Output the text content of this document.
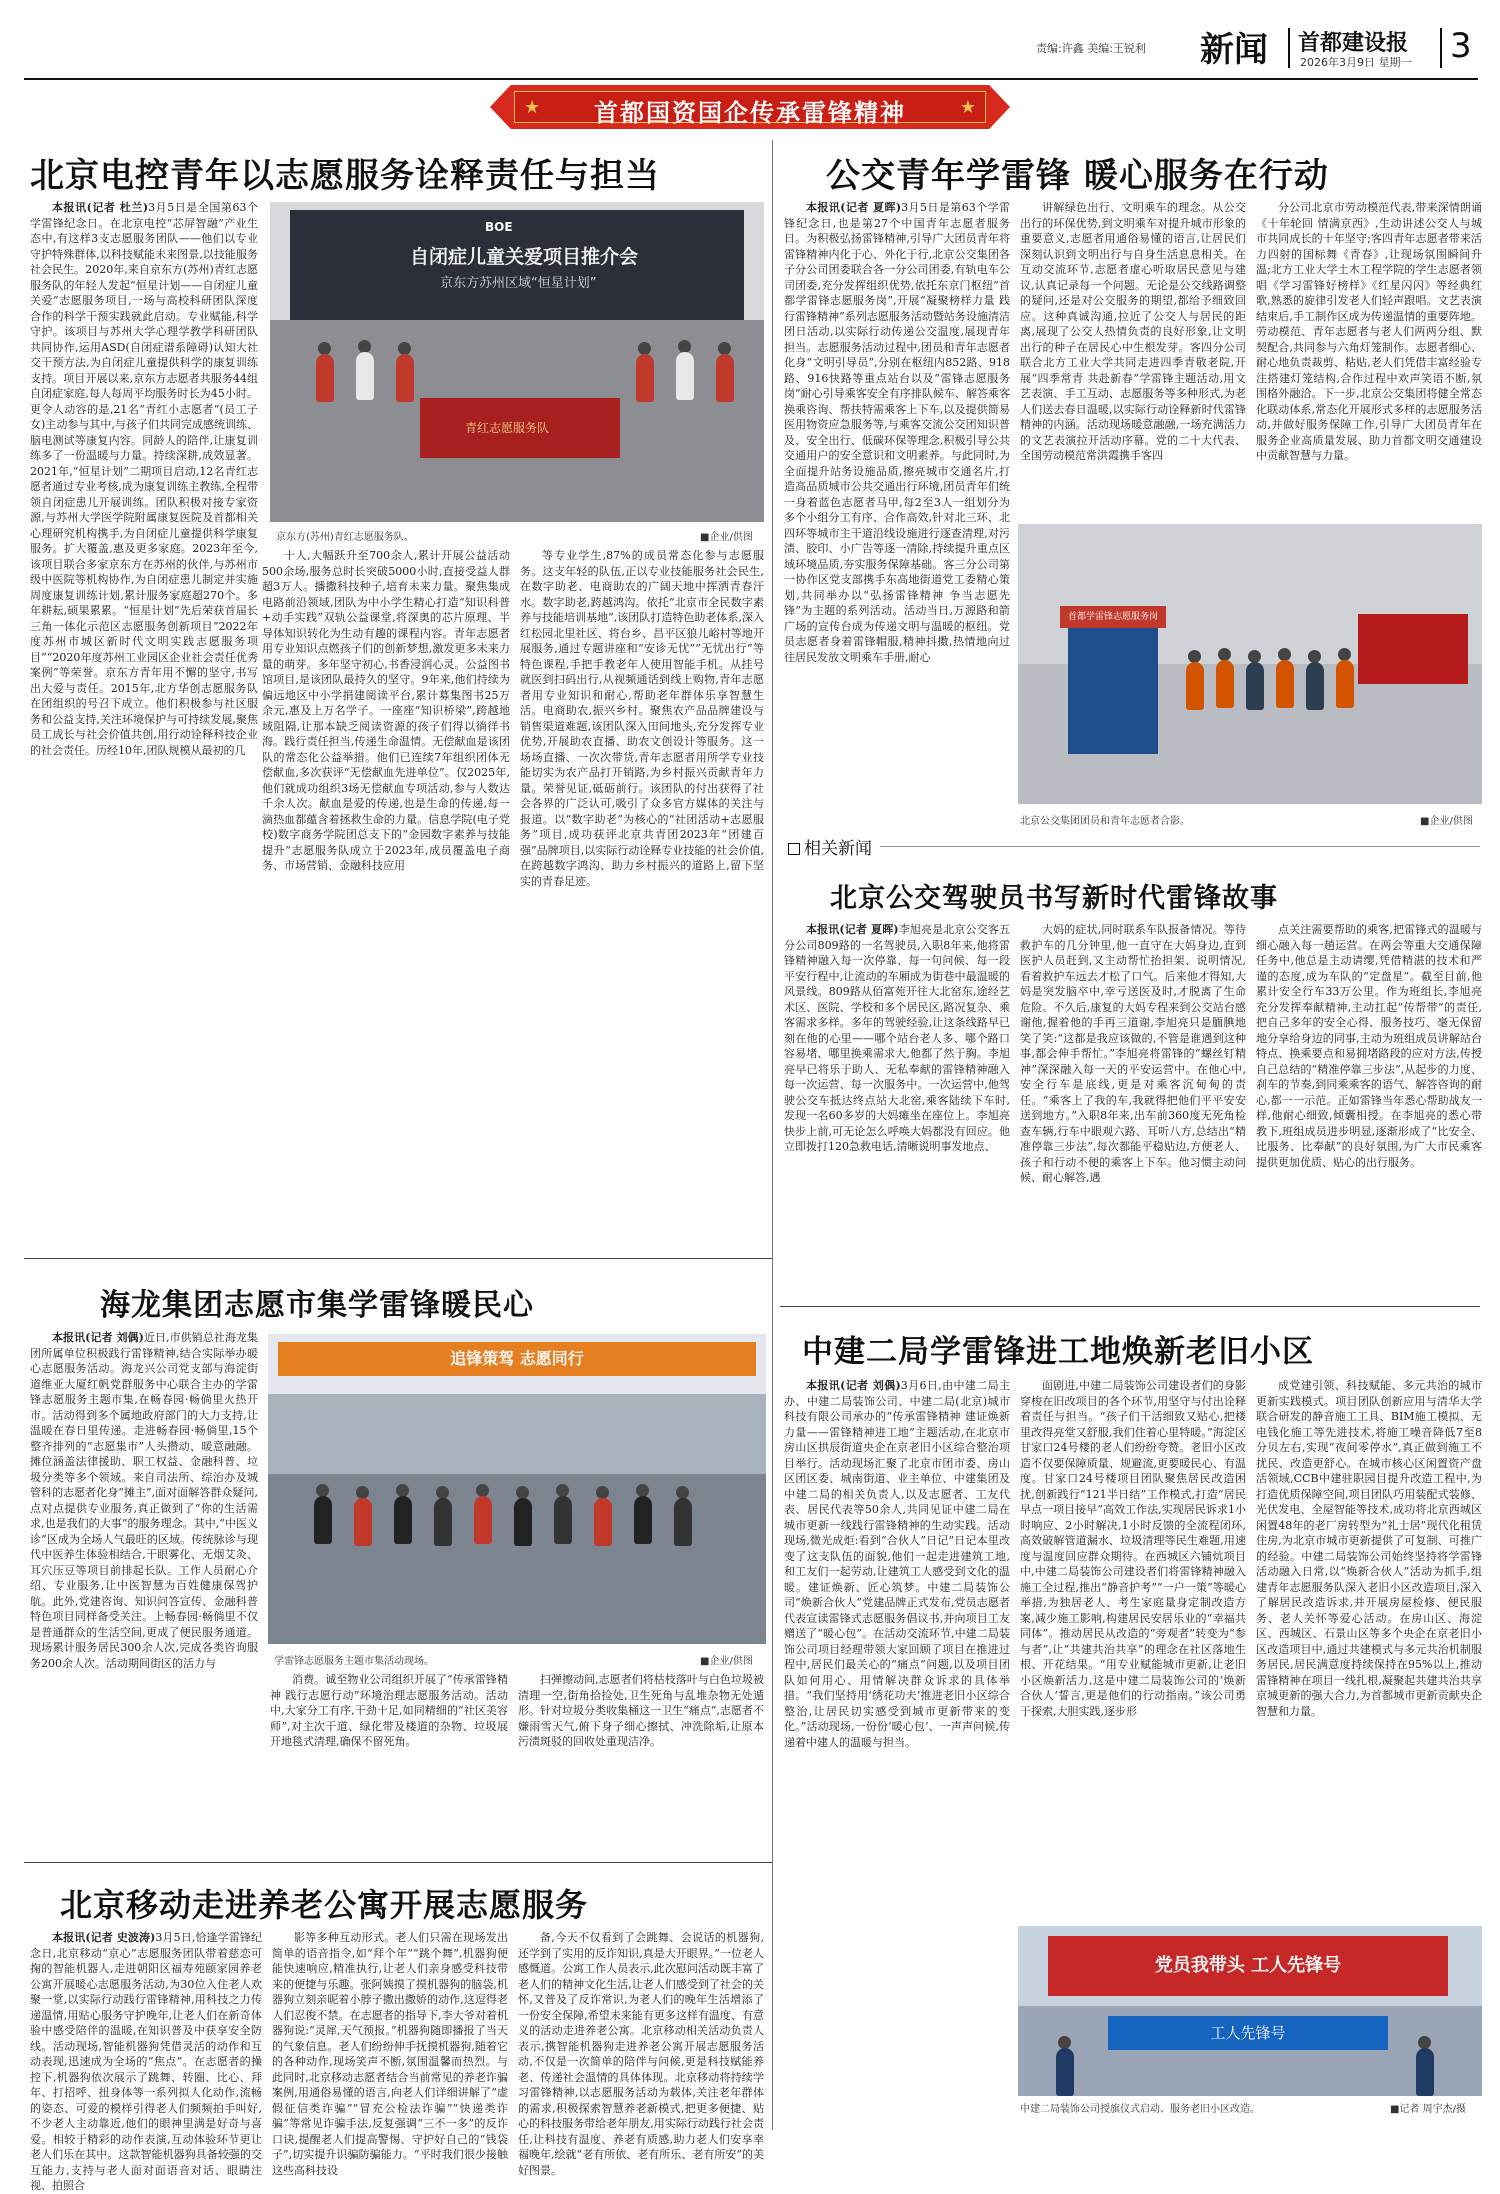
责编:许鑫 美编:王锐利 新闻 首都建设报
2026年3月9日 星期一 3
★	★
首都国资国企传承雷锋精神
北京电控青年以志愿服务诠释责任与担当

本报讯(记者 杜兰)3月5日是全国第63个学雷锋纪念日。在北京电控“芯屏智融”产业生态中,有这样3支志愿服务团队——他们以专业守护特殊群体,以科技赋能未来图景,以技能服务社会民生。2020年,来自京东方(苏州)青红志愿服务队的年轻人发起“恒星计划——自闭症儿童关爱”志愿服务项目,一场与高校科研团队深度合作的科学干预实践就此启动。专业赋能,科学守护。该项目与苏州大学心理学教学科研团队共同协作,运用ASD(自闭症谱系障碍)认知大社交干预方法,为自闭症儿童提供科学的康复训练支持。项目开展以来,京东方志愿者共服务44组自闭症家庭,每人每周平均服务时长为45小时。更令人动容的是,21名“青红小志愿者”(员工子女)主动参与其中,与孩子们共同完成感统训练、脑电测试等康复内容。同龄人的陪伴,让康复训练多了一份温暖与力量。持续深耕,成效显著。2021年,“恒星计划”二期项目启动,12名青红志愿者通过专业考核,成为康复训练主教练,全程带领自闭症患儿开展训练。团队积极对接专家资源,与苏州大学医学院附属康复医院及首都相关心理研究机构携手,为自闭症儿童提供科学康复服务。扩大覆盖,惠及更多家庭。2023年至今,该项目联合多家京东方在苏州的伙伴,与苏州市级中医院等机构协作,为自闭症患儿制定并实施周度康复训练计划,累计服务家庭超270个。多年耕耘,硕果累累。“恒星计划”先后荣获首届长三角一体化示范区志愿服务创新项目“2022年度苏州市城区新时代文明实践志愿服务项目”“2020年度苏州工业园区企业社会责任优秀案例”等荣誉。京东方青年用不懈的坚守,书写出大爱与责任。2015年,北方华创志愿服务队在团组织的号召下成立。他们积极参与社区服务和公益支持,关注环境保护与可持续发展,聚焦员工成长与社会价值共创,用行动诠释科技企业的社会责任。历经10年,团队规模从最初的几

BOE
自闭症儿童关爱项目推介会
京东方苏州区域“恒星计划”
青红志愿服务队
京东方(苏州)青红志愿服务队。	■企业/供图

十人,大幅跃升至700余人,累计开展公益活动500余场,服务总时长突破5000小时,直接受益人群超3万人。播撒科技种子,培育未来力量。聚焦集成电路前沿领域,团队为中小学生精心打造“知识科普+动手实践”双轨公益课堂,将深奥的芯片原理、半导体知识转化为生动有趣的课程内容。青年志愿者用专业知识点燃孩子们的创新梦想,激发更多未来力量的萌芽。多年坚守初心,书香浸润心灵。公益图书馆项目,是该团队最持久的坚守。9年来,他们持续为偏远地区中小学捐建阅读平台,累计募集图书25万余元,惠及上万名学子。一座座“知识桥梁”,跨越地域阻隔,让那本缺乏阅读资源的孩子们得以徜徉书海。践行责任担当,传递生命温情。无偿献血是该团队的常态化公益举措。他们已连续7年组织团体无偿献血,多次获评“无偿献血先进单位”。仅2025年,他们就成功组织3场无偿献血专项活动,参与人数达千余人次。献血是爱的传递,也是生命的传递,每一滴热血都蕴含着拯救生命的力量。信息学院(电子党校)数字商务学院团总支下的“金园数字素养与技能提升”志愿服务队成立于2023年,成员覆盖电子商务、市场营销、金融科技应用

等专业学生,87%的成员常态化参与志愿服务。这支年轻的队伍,正以专业技能服务社会民生,在数字助老、电商助农的广阔天地中挥洒青春汗水。数字助老,跨越鸿沟。依托“北京市全民数字素养与技能培训基地”,该团队打造特色助老体系,深入红松园北里社区、将台乡、昌平区狼儿峪村等地开展服务,通过专题讲座和“安诊无忧”“无忧出行”等特色课程,手把手教老年人使用智能手机。从挂号就医到扫码出行,从视频通话到线上购物,青年志愿者用专业知识和耐心,帮助老年群体乐享智慧生活。电商助农,振兴乡村。聚焦农产品品牌建设与销售渠道难题,该团队深入田间地头,充分发挥专业优势,开展助农直播、助农文创设计等服务。这一场场直播、一次次带货,青年志愿者用所学专业技能切实为农产品打开销路,为乡村振兴贡献青年力量。荣誉见证,砥砺前行。该团队的付出获得了社会各界的广泛认可,吸引了众多官方媒体的关注与报道。以“数字助老”为核心的“社团活动+志愿服务”项目,成功获评北京共青团2023年“团建百强”品牌项目,以实际行动诠释专业技能的社会价值,在跨越数字鸿沟、助力乡村振兴的道路上,留下坚实的青春足迹。

公交青年学雷锋 暖心服务在行动

本报讯(记者 夏晖)3月5日是第63个学雷锋纪念日,也是第27个中国青年志愿者服务日。为积极弘扬雷锋精神,引导广大团员青年将雷锋精神内化于心、外化于行,北京公交集团各子分公司团委联合各一分公司团委,有轨电车公司团委,充分发挥组织优势,依托东京门枢纽“首都学雷锋志愿服务岗”,开展“凝聚榜样力量 践行雷锋精神”系列志愿服务活动暨站务设施清洁团日活动,以实际行动传递公交温度,展现青年担当。志愿服务活动过程中,团员和青年志愿者化身“文明引导员”,分别在枢纽内852路、918路、916快路等重点站台以及“雷锋志愿服务岗”耐心引导乘客安全有序排队候车、解答乘客换乘咨询、帮扶特需乘客上下车,以及提供简易医用物资应急服务等,与乘客交流公交团知识普及、安全出行、低碳环保等理念,积极引导公共交通用户的安全意识和文明素养。与此同时,为全面提升站务设施品质,擦亮城市交通名片,打造高品质城市公共交通出行环境,团员青年们统一身着蓝色志愿者马甲,每2至3人一组划分为多个小组分工有序、合作高效,针对北三环、北四环等城市主干道沿线设施进行逐查清理,对污渍、胶印、小广告等逐一清除,持续提升重点区域环境品质,夯实服务保障基础。客三分公司第一协作区党支部携手东高地街道党工委精心策划,共同举办以“弘扬雷锋精神 争当志愿先锋”为主题的系列活动。活动当日,万源路和箭广场的宣传台成为传递文明与温暖的枢纽。党员志愿者身着雷锋帽服,精神抖擞,热情地向过往居民发放文明乘车手册,耐心

讲解绿色出行、文明乘车的理念。从公交出行的环保优势,到文明乘车对提升城市形象的重要意义,志愿者用通俗易懂的语言,让居民们深刻认识到文明出行与自身生活息息相关。在互动交流环节,志愿者虚心听取居民意见与建议,认真记录每一个问题。无论是公交线路调整的疑问,还是对公交服务的期望,都给予细致回应。这种真诚沟通,拉近了公交人与居民的距离,展现了公交人热情负责的良好形象,让文明出行的种子在居民心中生根发芽。客四分公司联合北方工业大学共同走进四季青敬老院,开展“四季常青 共赴新春”学雷锋主题活动,用文艺表演、手工互动、志愿服务等多种形式,为老人们送去春日温暖,以实际行动诠释新时代雷锋精神的内涵。活动现场暖意融融,一场充满活力的文艺表演拉开活动序幕。党的二十大代表、全国劳动模范常洪霞携手客四

分公司北京市劳动模范代表,带来深情朗诵《十年轮回 情满京西》,生动讲述公交人与城市共同成长的十年坚守;客四青年志愿者带来活力四射的国标舞《青春》,让现场氛围瞬间升温;北方工业大学土木工程学院的学生志愿者领唱《学习雷锋好榜样》《红星闪闪》等经典红歌,熟悉的旋律引发老人们轻声跟唱。文艺表演结束后,手工制作区成为传递温情的重要阵地。劳动模范、青年志愿者与老人们两两分组、默契配合,共同参与六角灯笼制作。志愿者细心、耐心地负责裁剪、粘贴,老人们凭借丰富经验专注搭建灯笼结构,合作过程中欢声笑语不断,氛围格外融洽。下一步,北京公交集团将健全常态化联动体系,常态化开展形式多样的志愿服务活动,并做好服务保障工作,引导广大团员青年在服务企业高质量发展、助力首都文明交通建设中贡献智慧与力量。

首都学雷锋志愿服务岗
北京公交集团团员和青年志愿者合影。	■企业/供图
相关新闻
北京公交驾驶员书写新时代雷锋故事

本报讯(记者 夏晖)李旭亮是北京公交客五分公司809路的一名驾驶员,入职8年来,他将雷锋精神融入每一次停靠、每一句问候、每一段平安行程中,让流动的车厢成为街巷中最温暖的风景线。809路从佰富苑开往大北窑东,途经艺术区、医院、学校和多个居民区,路况复杂、乘客需求多样。多年的驾驶经验,让这条线路早已刻在他的心里——哪个站台老人多、哪个路口容易堵、哪里换乘需求大,他都了然于胸。李旭亮早已将乐于助人、无私奉献的雷锋精神融入每一次运营、每一次服务中。一次运营中,他驾驶公交车抵达终点站大北窑,乘客陆续下车时,发现一名60多岁的大妈瘫坐在座位上。李旭亮快步上前,可无论怎么呼唤大妈都没有回应。他立即拨打120急救电话,清晰说明事发地点、

大妈的症状,同时联系车队报备情况。等待救护车的几分钟里,他一直守在大妈身边,直到医护人员赶到,又主动帮忙抬担架、说明情况,看着救护车远去才松了口气。后来他才得知,大妈是突发脑卒中,幸亏送医及时,才脱离了生命危险。不久后,康复的大妈专程来到公交站台感谢他,握着他的手再三道谢,李旭亮只是腼腆地笑了笑:“这都是我应该做的,不管是谁遇到这种事,都会伸手帮忙。”李旭亮将雷锋的“螺丝钉精神”深深融入每一天的平安运营中。在他心中,安全行车是底线,更是对乘客沉甸甸的责任。“乘客上了我的车,我就得把他们平平安安送到地方。”入职8年来,出车前360度无死角检查车辆,行车中眼观六路、耳听八方,总结出“精准停靠三步法”,每次都能平稳贴边,方便老人、孩子和行动不便的乘客上下车。他习惯主动问候、耐心解答,遇

点关注需要帮助的乘客,把雷锋式的温暖与细心融入每一趟运营。在两会等重大交通保障任务中,他总是主动请缨,凭借精湛的技术和严谨的态度,成为车队的“定盘星”。截至目前,他累计安全行车33万公里。作为班组长,李旭亮充分发挥奉献精神,主动扛起“传帮带”的责任,把自己多年的安全心得、服务技巧、毫无保留地分享给身边的同事,主动为班组成员讲解站台特点、换乘要点和易拥堵路段的应对方法,传授自己总结的“精准停靠三步法”,从起步的力度、刹车的节奏,到同乘乘客的语气、解答咨询的耐心,都一一示范。正如雷锋当年悉心帮助战友一样,他耐心细致,倾囊相授。在李旭亮的悉心带教下,班组成员进步明显,逐渐形成了“比安全、比服务、比奉献”的良好氛围,为广大市民乘客提供更加优质、贴心的出行服务。

海龙集团志愿市集学雷锋暖民心

本报讯(记者 刘偶)近日,市供销总社海龙集团所属单位积极践行雷锋精神,结合实际举办暖心志愿服务活动。海龙兴公司党支部与海淀街道维亚大厦红帆党群服务中心联合主办的学雷锋志愿服务主题市集,在畅春园·畅倘里火热开市。活动得到多个属地政府部门的大力支持,让温暖在春日里传递。走进畅春园·畅倘里,15个整齐排列的“志愿集市”人头攒动、暖意融融。摊位涵盖法律援助、职工权益、金融科普、垃圾分类等多个领域。来自司法所、综治办及城管科的志愿者化身“摊主”,面对面解答群众疑问,点对点提供专业服务,真正做到了“你的生活需求,也是我们的大事”的服务理念。其中,“中医义诊”区成为全场人气最旺的区域。传统脉诊与现代中医养生体验相结合,干眼雾化、无烟艾灸、耳穴压豆等项目前排起长队。工作人员耐心介绍、专业服务,让中医智慧为百姓健康保驾护航。此外,党建咨询、知识问答宣传、金融科普特色项目同样备受关注。上畅春园·畅倘里不仅是普通群众的生活空间,更成了便民服务通道。现场累计服务居民300余人次,完成各类咨询服务200余人次。活动期间街区的活力与

追锋策驾 志愿同行
学雷锋志愿服务主题市集活动现场。	■企业/供图

消费。诚至物业公司组织开展了“传承雷锋精神 践行志愿行动”环境治理志愿服务活动。活动中,大家分工有序,干劲十足,如同精细的“社区美容师”,对主次干道、绿化带及楼道的杂物、垃圾展开地毯式清理,确保不留死角。

扫弹擦动间,志愿者们将枯枝落叶与白色垃圾被清理一空,街角拾捡处,卫生死角与乱堆杂物无处遁形。针对垃圾分类收集桶这一卫生“痛点”,志愿者不嫌雨雪天气,俯下身子细心擦拭、冲洗除垢,让原本污渍斑驳的回收处重现洁净。

中建二局学雷锋进工地焕新老旧小区

本报讯(记者 刘偶)3月6日,由中建二局主办、中建二局装饰公司、中建二局(北京)城市科技有限公司承办的“传承雷锋精神 建证焕新力量——雷锋精神进工地”主题活动,在北京市房山区拱辰街道央企在京老旧小区综合整治项目举行。活动现场汇聚了北京市团市委、房山区团区委、城南街道、业主单位、中建集团及中建二局的相关负责人,以及志愿者、工友代表、居民代表等50余人,共同见证中建二局在城市更新一线践行雷锋精神的生动实践。活动现场,微光成炬:看到“合伙人”日记”日记本里改变了这支队伍的面貌,他们一起走进建筑工地,和工友们一起劳动,让建筑工人感受到文化的温暖。建证焕新、匠心筑梦。中建二局装饰公司“焕新合伙人”党建品牌正式发布,党员志愿者代表宣读雷锋式志愿服务倡议书,并向项目工友赠送了“暖心包”。在活动交流环节,中建二局装饰公司项目经理带领大家回顾了项目在推进过程中,居民们最关心的“痛点”问题,以及项目团队如何用心、用情解决群众诉求的具体举措。“我们坚持用‘绣花功夫’推进老旧小区综合整治,让居民切实感受到城市更新带来的变化。”活动现场,一份份‘暖心包’、一声声问候,传递着中建人的温暖与担当。

面剧进,中建二局装饰公司建设者们的身影穿梭在旧改项目的各个环节,用坚守与付出诠释着责任与担当。“孩子们干活细致又贴心,把楼里改得亮堂又舒服,我们住着心里特暖。”海淀区甘家口24号楼的老人们纷纷夸赞。老旧小区改造不仅要保障质量、规避流,更要暖民心、有温度。甘家口24号楼项目团队聚焦居民改造困扰,创新践行“121半日结”工作模式,打造“居民早点一项目接早”高效工作法,实现居民诉求1小时响应、2小时解决,1小时反馈的全流程闭环,高效破解管道漏水、垃圾清理等民生难题,用速度与温度回应群众期待。在西城区六铺炕项目中,中建二局装饰公司建设者们将雷锋精神融入施工全过程,推出“静音护考”“一户一策”等暖心举措,为独居老人、考生家庭量身定制改造方案,减少施工影响,构建居民安居乐业的“幸福共同体”。推动居民从改造的“旁观者”转变为“参与者”,让“共建共治共享”的理念在社区落地生根、开花结果。“用专业赋能城市更新,让老旧小区焕新活力,这是中建二局装饰公司的‘焕新合伙人’誓言,更是他们的行动指南。”该公司勇于探索,大胆实践,逐步形

成党建引领、科技赋能、多元共治的城市更新实践模式。项目团队创新应用与清华大学联合研发的静音施工工具、BIM施工模拟、无电钱化施工等先进技术,将施工噪音降低7至8分贝左右,实现“夜间零停水”,真正做到施工不扰民、改造更舒心。在城市核心区闲置资产盘活领域,CCB中建驻职园目提升改造工程中,为打造优质保障空间,项目团队巧用装配式装修、光伏发电、全屋智能等技术,成功将北京西城区闲置48年的老厂房转型为“礼士居”现代化租赁住房,为北京市城市更新提供了可复制、可推广的经验。中建二局装饰公司始终坚持将学雷锋活动融入日常,以“焕新合伙人”活动为抓手,组建青年志愿服务队深入老旧小区改造项目,深入了解居民改造诉求,并开展房屋检修、便民服务、老人关怀等爱心活动。在房山区、海淀区、西城区、石景山区等多个央企在京老旧小区改造项目中,通过共建模式与多元共治机制服务居民,居民满意度持续保持在95%以上,推动雷锋精神在项目一线扎根,凝聚起共建共治共享京城更新的强大合力,为首都城市更新贡献央企智慧和力量。

党员我带头 工人先锋号
工人先锋号
中建二局装饰公司授旗仪式启动、服务老旧小区改造。	■记者 周宇杰/摄
北京移动走进养老公寓开展志愿服务

本报讯(记者 史波涛)3月5日,恰逢学雷锋纪念日,北京移动“京心”志愿服务团队带着慈恋可掬的智能机器人,走进朝阳区福寿苑颐家园养老公寓开展暖心志愿服务活动,为30位入住老人欢聚一堂,以实际行动践行雷锋精神,用科技之力传递温情,用贴心服务守护晚年,让老人们在新奇体验中感受陪伴的温暖,在知识普及中获享安全防线。活动现场,智能机器狗凭借灵活的动作和互动表现,迅速成为全场的“焦点”。在志愿者的操控下,机器狗依次展示了跳舞、转圈、比心、拜年、打招呼、扭身体等一系列拟人化动作,流畅的姿态、可爱的模样引得老人们频频拍手叫好,不少老人主动靠近,他们的眼神里满是好奇与喜爱。相较于精彩的动作表演,互动体验环节更让老人们乐在其中。这款智能机器狗具备较强的交互能力,支持与老人面对面语音对话、眼睛注视、拍照合

影等多种互动形式。老人们只需在现场发出简单的语音指令,如“拜个年”“跳个舞”,机器狗便能快速响应,精准执行,让老人们亲身感受科技带来的便捷与乐趣。张阿姨摸了摸机器狗的脑袋,机器狗立刻亲昵着小脖子撒出撒娇的动作,这逗得老人们忍俊不禁。在志愿者的指导下,李大爷对着机器狗说:“灵犀,天气预报。”机器狗随即播报了当天的气象信息。老人们纷纷伸手抚摸机器狗,随着它的各种动作,现场笑声不断,氛围温馨而热烈。与此同时,北京移动志愿者结合当前常见的养老诈骗案例,用通俗易懂的语言,向老人们详细讲解了“虚假征信类诈骗”“冒充公检法诈骗”“快递类诈骗”等常见诈骗手法,反复强调“三不一多”的反诈口诀,提醒老人们提高警惕、守护好自己的“钱袋子”,切实提升识骗防骗能力。“平时我们很少接触这些高科技设

备,今天不仅看到了会跳舞、会说话的机器狗,还学到了实用的反诈知识,真是大开眼界。”一位老人感慨道。公寓工作人员表示,此次慰问活动既丰富了老人们的精神文化生活,让老人们感受到了社会的关怀,又普及了反诈常识,为老人们的晚年生活增添了一份安全保障,希望未来能有更多这样有温度、有意义的活动走进养老公寓。北京移动相关活动负责人表示,携智能机器狗走进养老公寓开展志愿服务活动,不仅是一次简单的陪伴与问候,更是科技赋能养老、传递社会温情的具体体现。北京移动将持续学习雷锋精神,以志愿服务活动为载体,关注老年群体的需求,积极探索智慧养老新模式,把更多便捷、贴心的科技服务带给老年朋友,用实际行动践行社会责任,让科技有温度、养老有质感,助力老人们安享幸福晚年,绘就“老有所依、老有所乐、老有所安”的美好图景。
